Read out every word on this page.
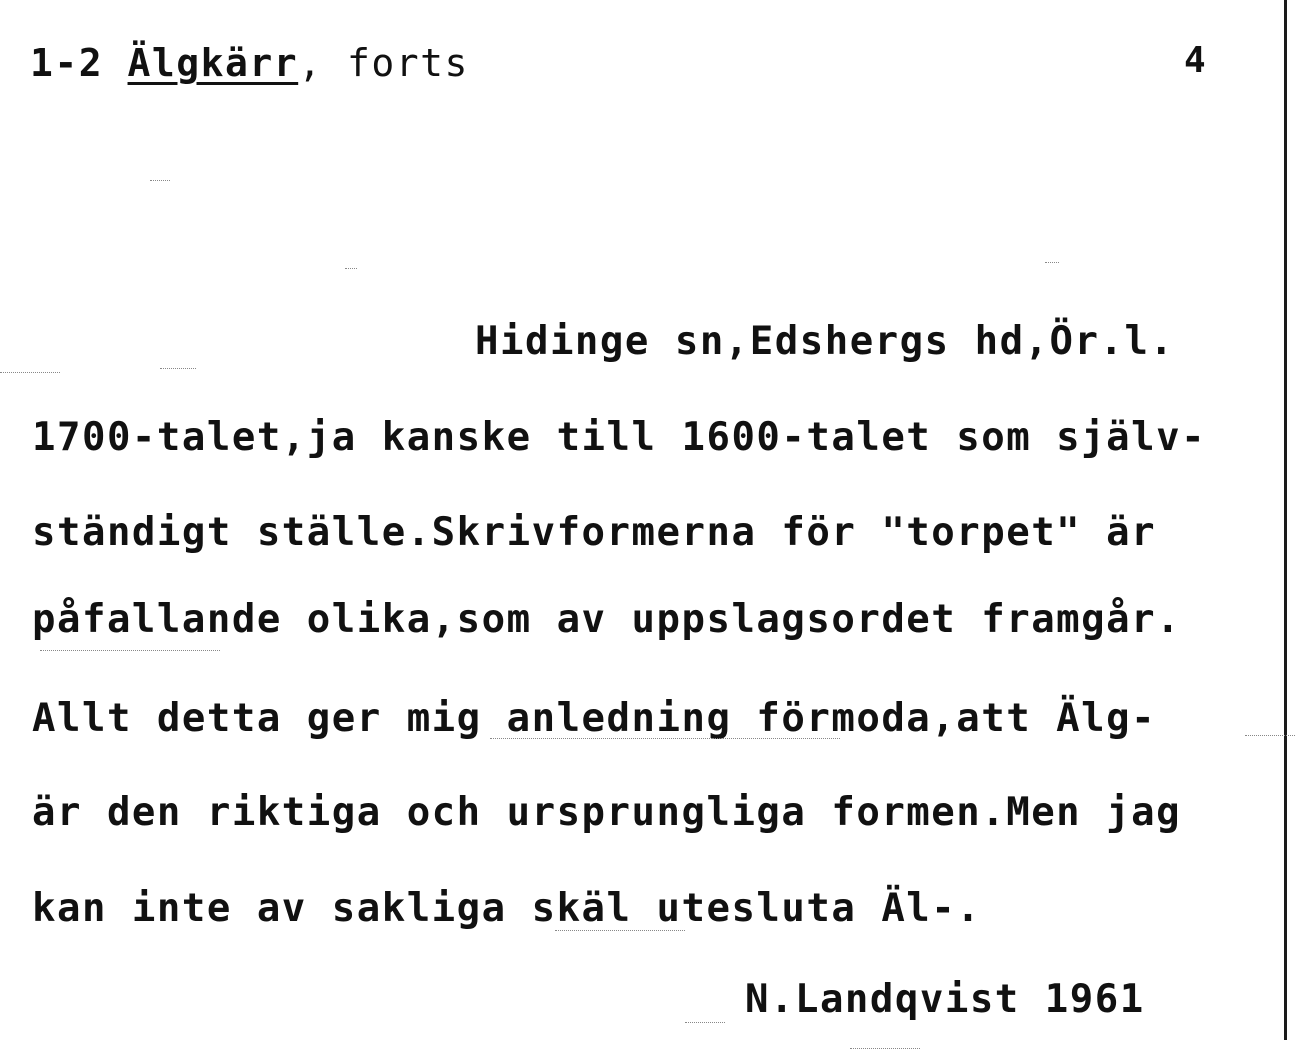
1-2 Älgkärr, forts	4
Hidinge sn,Edshergs hd,Ör.l.
1700-talet,ja kanske till 1600-talet som själv-
ständigt ställe.Skrivformerna för "torpet" är
påfallande olika,som av uppslagsordet framgår.
Allt detta ger mig anledning förmoda,att Älg-
är den riktiga och ursprungliga formen.Men jag
kan inte av sakliga skäl utesluta Äl-.
N.Landqvist 1961
